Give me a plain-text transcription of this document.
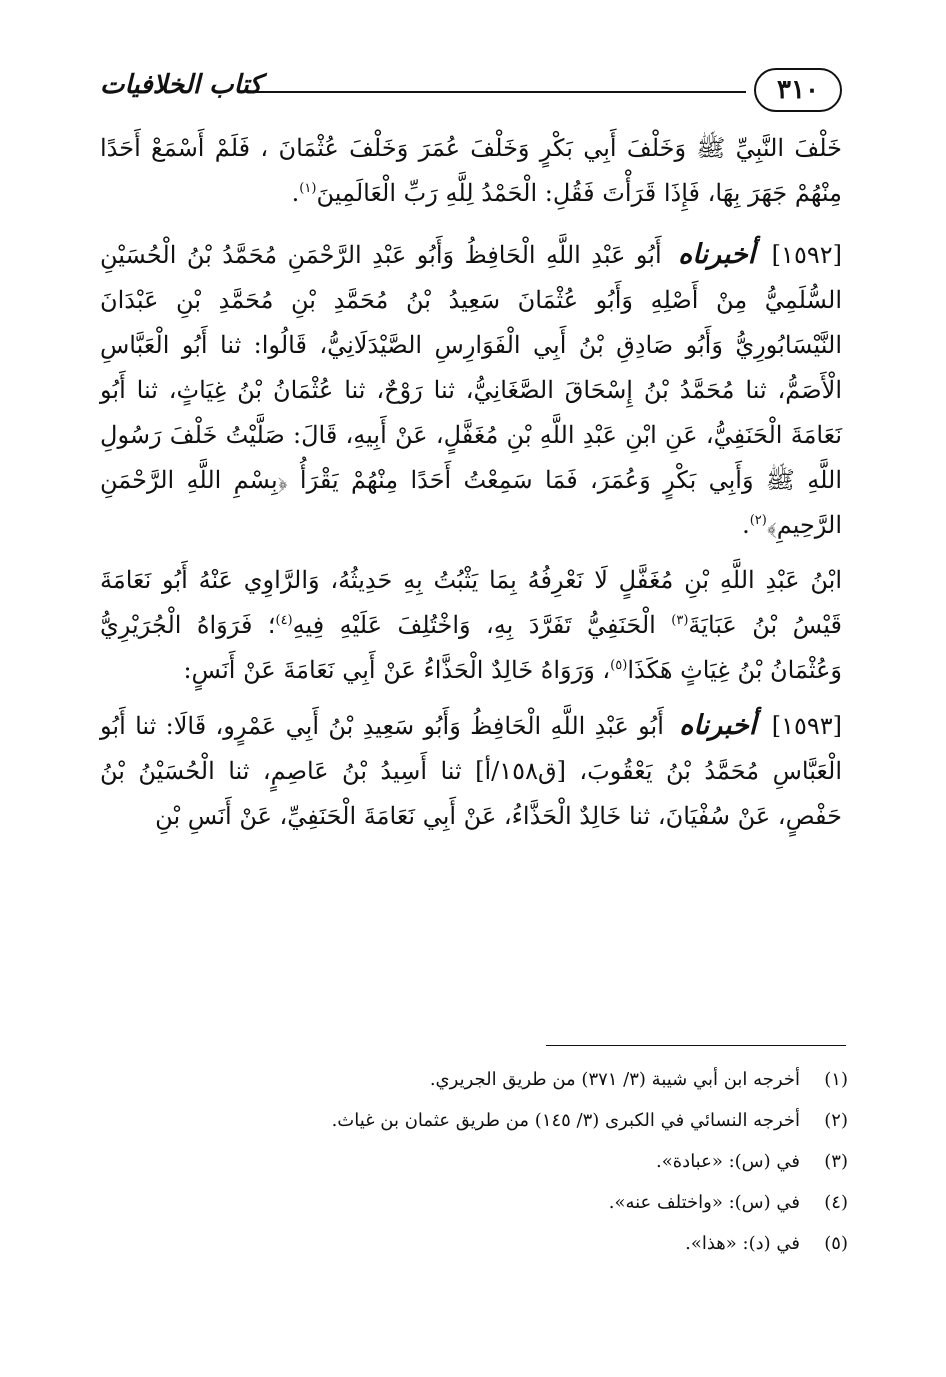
٣١٠
كتاب الخلافيات

خَلْفَ النَّبِيِّ ﷺ وَخَلْفَ أَبِي بَكْرٍ وَخَلْفَ عُمَرَ وَخَلْفَ عُثْمَانَ ، فَلَمْ أَسْمَعْ أَحَدًا مِنْهُمْ جَهَرَ بِهَا، فَإِذَا قَرَأْتَ فَقُلِ: الْحَمْدُ لِلَّهِ رَبِّ الْعَالَمِينَ$^{(١)}$.

[١٥٩٢] أخبرناه أَبُو عَبْدِ اللَّهِ الْحَافِظُ وَأَبُو عَبْدِ الرَّحْمَنِ مُحَمَّدُ بْنُ الْحُسَيْنِ السُّلَمِيُّ مِنْ أَصْلِهِ وَأَبُو عُثْمَانَ سَعِيدُ بْنُ مُحَمَّدِ بْنِ مُحَمَّدِ بْنِ عَبْدَانَ النَّيْسَابُورِيُّ وَأَبُو صَادِقِ بْنُ أَبِي الْفَوَارِسِ الصَّيْدَلَانِيُّ، قَالُوا: ثنا أَبُو الْعَبَّاسِ الْأَصَمُّ، ثنا مُحَمَّدُ بْنُ إِسْحَاقَ الصَّغَانِيُّ، ثنا رَوْحٌ، ثنا عُثْمَانُ بْنُ غِيَاثٍ، ثنا أَبُو نَعَامَةَ الْحَنَفِيُّ، عَنِ ابْنِ عَبْدِ اللَّهِ بْنِ مُغَفَّلٍ، عَنْ أَبِيهِ، قَالَ: صَلَّيْتُ خَلْفَ رَسُولِ اللَّهِ ﷺ وَأَبِي بَكْرٍ وَعُمَرَ، فَمَا سَمِعْتُ أَحَدًا مِنْهُمْ يَقْرَأُ ﴿بِسْمِ اللَّهِ الرَّحْمَنِ الرَّحِيمِ﴾$^{(٢)}$.

ابْنُ عَبْدِ اللَّهِ بْنِ مُغَفَّلٍ لَا نَعْرِفُهُ بِمَا يَثْبُتُ بِهِ حَدِيثُهُ، وَالرَّاوِي عَنْهُ أَبُو نَعَامَةَ قَيْسُ بْنُ عَبَايَةَ$^{(٣)}$ الْحَنَفِيُّ تَفَرَّدَ بِهِ، وَاخْتُلِفَ عَلَيْهِ فِيهِ$^{(٤)}$؛ فَرَوَاهُ الْجُرَيْرِيُّ وَعُثْمَانُ بْنُ غِيَاثٍ هَكَذَا$^{(٥)}$، وَرَوَاهُ خَالِدٌ الْحَذَّاءُ عَنْ أَبِي نَعَامَةَ عَنْ أَنَسٍ:

[١٥٩٣] أخبرناه أَبُو عَبْدِ اللَّهِ الْحَافِظُ وَأَبُو سَعِيدِ بْنُ أَبِي عَمْرٍو، قَالَا: ثنا أَبُو الْعَبَّاسِ مُحَمَّدُ بْنُ يَعْقُوبَ، [ق١٥٨/أ] ثنا أَسِيدُ بْنُ عَاصِمٍ، ثنا الْحُسَيْنُ بْنُ حَفْصٍ، عَنْ سُفْيَانَ، ثنا خَالِدٌ الْحَذَّاءُ، عَنْ أَبِي نَعَامَةَ الْحَنَفِيِّ، عَنْ أَنَسِ بْنِ

(١)
أخرجه ابن أبي شيبة (٣/ ٣٧١) من طريق الجريري.
(٢)
أخرجه النسائي في الكبرى (٣/ ١٤٥) من طريق عثمان بن غياث.
(٣)
في (س): «عبادة».
(٤)
في (س): «واختلف عنه».
(٥)
في (د): «هذا».
